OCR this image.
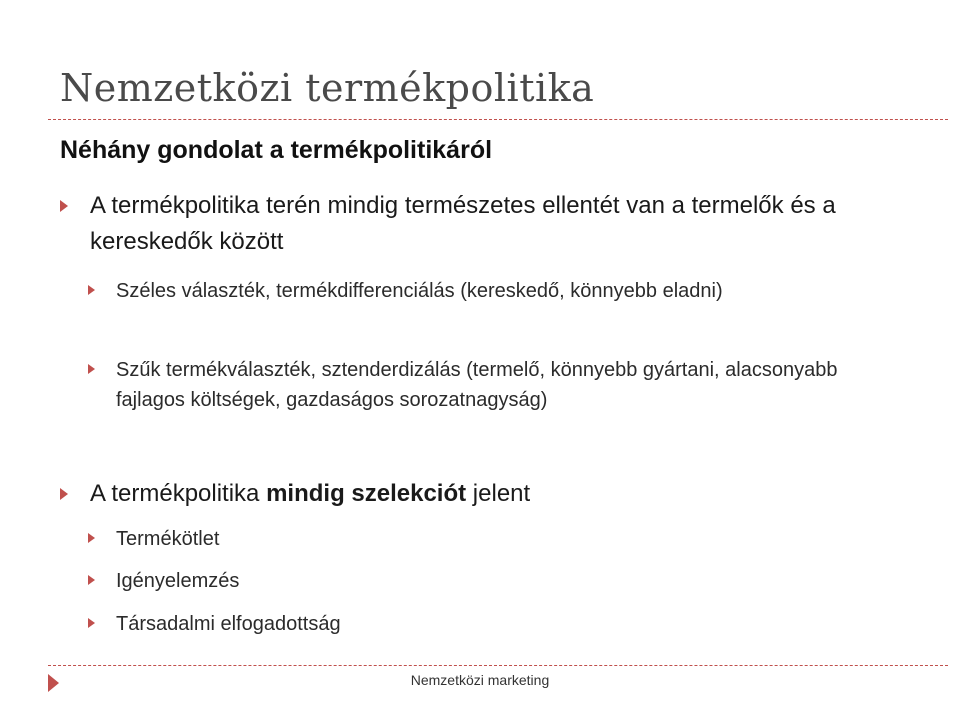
Nemzetközi termékpolitika
Néhány gondolat a termékpolitikáról
A termékpolitika terén mindig természetes ellentét van a termelők és a kereskedők között
Széles választék, termékdifferenciálás (kereskedő, könnyebb eladni)
Szűk termékválaszték, sztenderdizálás (termelő, könnyebb gyártani, alacsonyabb fajlagos költségek, gazdaságos sorozatnagyság)
A termékpolitika mindig szelekciót jelent
Termékötlet
Igényelemzés
Társadalmi elfogadottság
Nemzetközi marketing
